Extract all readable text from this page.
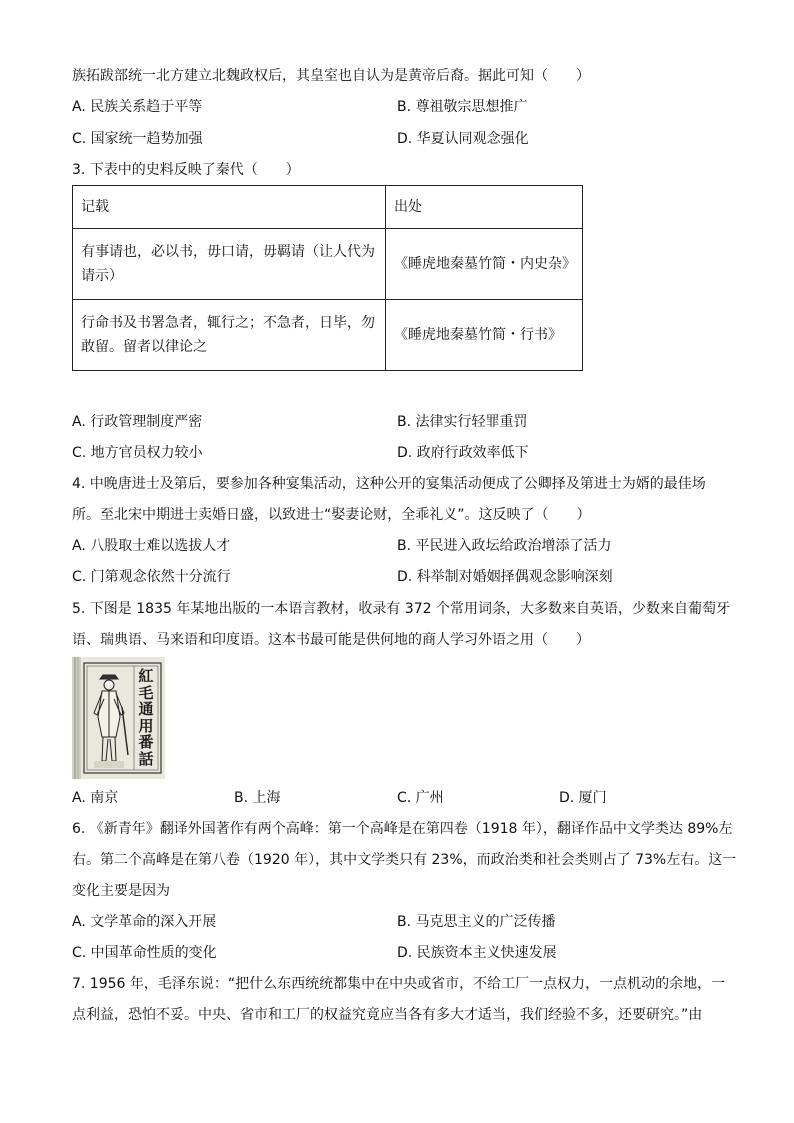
族拓跋部统一北方建立北魏政权后，其皇室也自认为是黄帝后裔。据此可知（　　）
A. 民族关系趋于平等	B. 尊祖敬宗思想推广
C. 国家统一趋势加强	D. 华夏认同观念强化
3. 下表中的史料反映了秦代（　　）
记载	出处
有事请也，必以书，毋口请，毋羁请（让人代为请示）	《睡虎地秦墓竹简・内史杂》
行命书及书署急者，辄行之；不急者，日毕，勿敢留。留者以律论之	《睡虎地秦墓竹简・行书》
A. 行政管理制度严密	B. 法律实行轻罪重罚
C. 地方官员权力较小	D. 政府行政效率低下
4. 中晚唐进士及第后，要参加各种宴集活动，这种公开的宴集活动便成了公卿择及第进士为婿的最佳场
所。至北宋中期进士卖婚日盛，以致进士“娶妻论财，全乖礼义”。这反映了（　　）
A. 八股取士难以选拔人才	B. 平民进入政坛给政治增添了活力
C. 门第观念依然十分流行	D. 科举制对婚姻择偶观念影响深刻
5. 下图是 1835 年某地出版的一本语言教材，收录有 372 个常用词条，大多数来自英语，少数来自葡萄牙
语、瑞典语、马来语和印度语。这本书最可能是供何地的商人学习外语之用（　　）
紅
毛
通
用
番
話
A. 南京	B. 上海	C. 广州	D. 厦门
6. 《新青年》翻译外国著作有两个高峰：第一个高峰是在第四卷（1918 年），翻译作品中文学类达 89%左
右。第二个高峰是在第八卷（1920 年），其中文学类只有 23%，而政治类和社会类则占了 73%左右。这一
变化主要是因为
A. 文学革命的深入开展	B. 马克思主义的广泛传播
C. 中国革命性质的变化	D. 民族资本主义快速发展
7. 1956 年，毛泽东说：“把什么东西统统都集中在中央或省市，不给工厂一点权力，一点机动的余地，一
点利益，恐怕不妥。中央、省市和工厂的权益究竟应当各有多大才适当，我们经验不多，还要研究。”由
